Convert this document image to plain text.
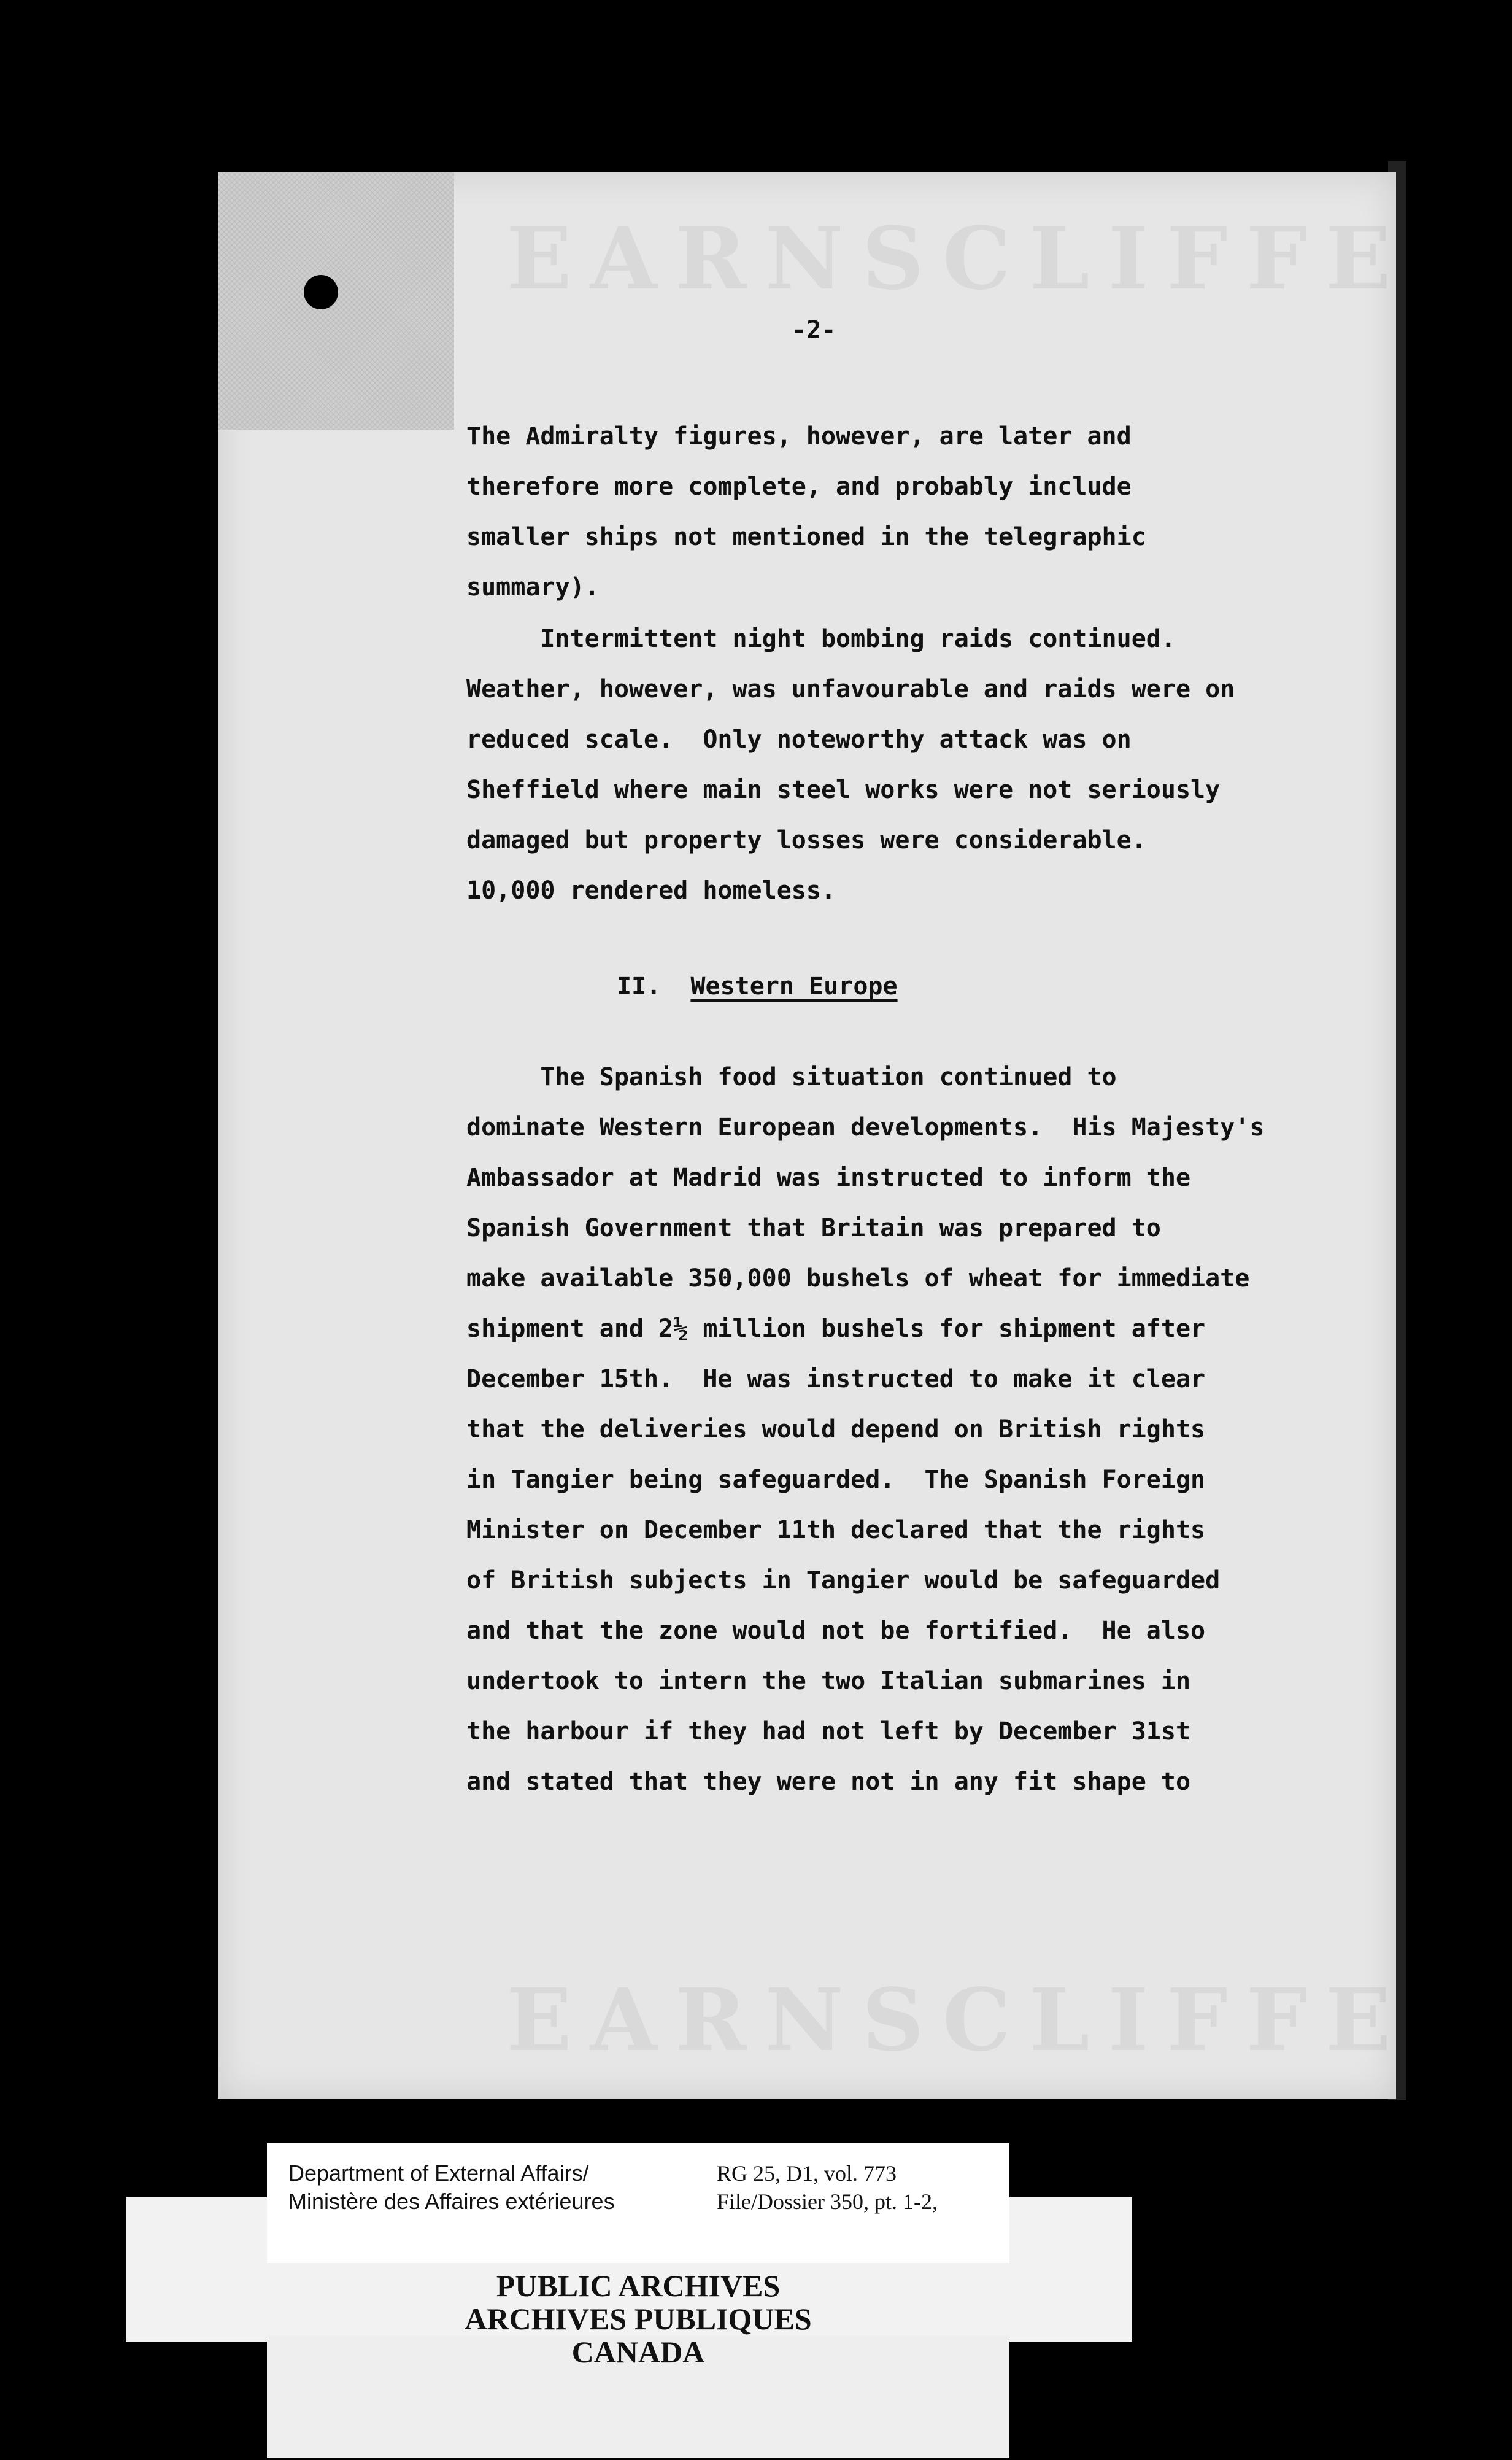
EARNSCLIFFE
EARNSCLIFFE
-2-
The Admiralty figures, however, are later and
therefore more complete, and probably include
smaller ships not mentioned in the telegraphic
summary).
Intermittent night bombing raids continued.
Weather, however, was unfavourable and raids were on
reduced scale.  Only noteworthy attack was on
Sheffield where main steel works were not seriously
damaged but property losses were considerable.
10,000 rendered homeless.
II. Western Europe
The Spanish food situation continued to
dominate Western European developments.  His Majesty's
Ambassador at Madrid was instructed to inform the
Spanish Government that Britain was prepared to
make available 350,000 bushels of wheat for immediate
shipment and 2½ million bushels for shipment after
December 15th.  He was instructed to make it clear
that the deliveries would depend on British rights
in Tangier being safeguarded.  The Spanish Foreign
Minister on December 11th declared that the rights
of British subjects in Tangier would be safeguarded
and that the zone would not be fortified.  He also
undertook to intern the two Italian submarines in
the harbour if they had not left by December 31st
and stated that they were not in any fit shape to
Department of External Affairs/
Ministère des Affaires extérieures
RG 25, D1, vol. 773
File/Dossier 350, pt. 1-2,
PUBLIC ARCHIVES
ARCHIVES PUBLIQUES
CANADA
